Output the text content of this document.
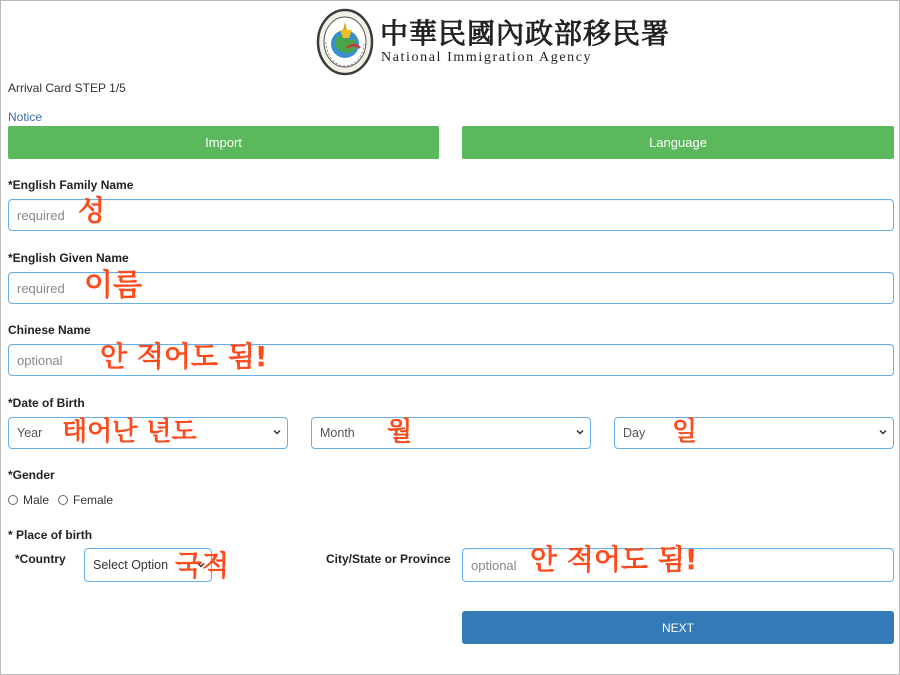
中華民國內政部移民署
National Immigration Agency
Arrival Card STEP 1/5
Notice
Import	Language
*English Family Name
required 성
*English Given Name
required 이름
Chinese Name
optional 안 적어도 됨!
*Date of Birth
Year 태어난 년도	Month 월	Day 일
*Gender
Male Female
* Place of birth
*Country Select Option 국적	City/State or Province optional 안 적어도 됨!
NEXT
